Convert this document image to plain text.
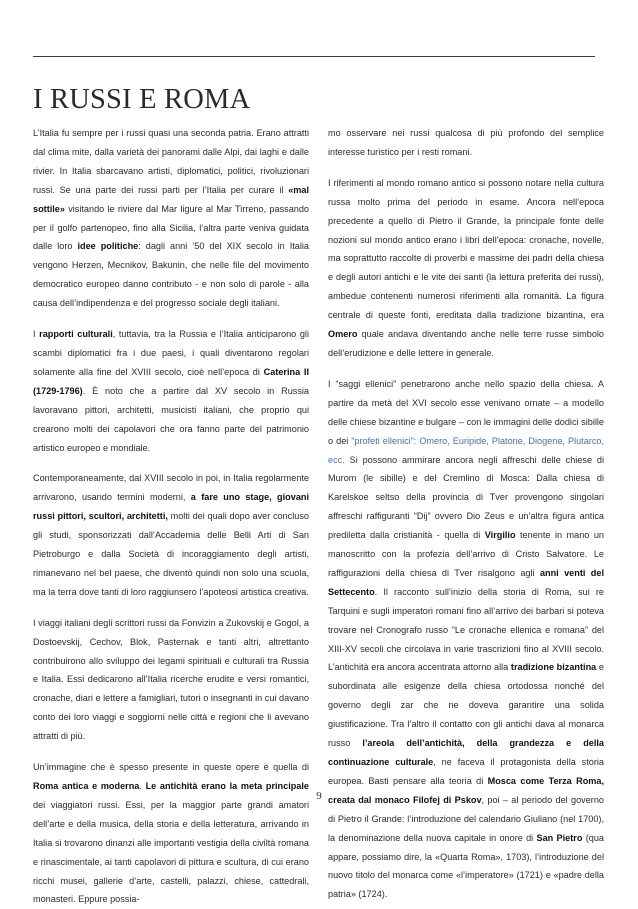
I RUSSI E ROMA

L’Italia fu sempre per i russi quasi una seconda patria. Erano attratti dal clima mite, dalla varietà dei panorami dalle Alpi, dai laghi e dalle rivier. In Italia sbarcavano artisti, diplomatici, politici, rivoluzionari russi. Se una parte dei russi parti per l’Italia per curare il «mal sottile» visitando le riviere dal Mar ligure al Mar Tirreno, passando per il golfo partenopeo, fino alla Sicilia, l’altra parte veniva guidata dalle loro idee politiche: dagli anni ’50 del XIX secolo in Italia vengono Herzen, Mecnikov, Bakunin, che nelle file del movimento democratico europeo danno contributo - e non solo di parole - alla causa dell’indipendenza e del progresso sociale degli italiani.

I rapporti culturali, tuttavia, tra la Russia e l’Italia anticiparono gli scambi diplomatici fra i due paesi, i quali diventarono regolari solamente alla fine del XVIII secolo, cioè nell’epoca di Caterina II (1729-1796). È noto che a partire dal XV secolo in Russia lavoravano pittori, architetti, musicisti italiani, che proprio qui crearono molti dei capolavori che ora fanno parte del patrimonio artistico europeo e mondiale.

Contemporaneamente, dal XVIII secolo in poi, in Italia regolarmente arrivarono, usando termini moderni, a fare uno stage, giovani russi pittori, scultori, architetti, molti dei quali dopo aver concluso gli studi, sponsorizzati dall’Accademia delle Belli Arti di San Pietroburgo e dalla Società di incoraggiamento degli artisti, rimanevano nel bel paese, che diventò quindi non solo una scuola, ma la terra dove tanti di loro raggiunsero l’apoteosi artistica creativa.

I viaggi italiani degli scrittori russi da Fonvizin a Zukovskij e Gogol, a Dostoevskij, Cechov, Blok, Pasternak e tanti altri, altrettanto contribuirono allo sviluppo dei legami spirituali e culturali tra Russia e Italia. Essi dedicarono all’Italia ricerche erudite e versi romantici, cronache, diari e lettere a famigliari, tutori o insegnanti in cui davano conto dei loro viaggi e soggiorni nelle città e regioni che li avevano attratti di più.

Un’immagine che è spesso presente in queste opere è quella di Roma antica e moderna. Le antichità erano la meta principale dei viaggiatori russi. Essi, per la maggior parte grandi amatori dell’arte e della musica, della storia e della letteratura, arrivando in Italia si trovarono dinanzi alle importanti vestigia della civiltà romana e rinascimentale, ai tanti capolavori di pittura e scultura, di cui erano ricchi musei, gallerie d’arte, castelli, palazzi, chiese, cattedrali, monasteri. Eppure possia-

mo osservare nei russi qualcosa di più profondo del semplice interesse turistico per i resti romani.

I riferimenti al mondo romano antico si possono notare nella cultura russa molto prima del periodo in esame. Ancora nell’epoca precedente a quello di Pietro il Grande, la principale fonte delle nozioni sul mondo antico erano i libri dell’epoca: cronache, novelle, ma soprattutto raccolte di proverbi e massime dei padri della chiesa e degli autori antichi e le vite dei santi (la lettura preferita dei russi), ambedue contenenti numerosi riferimenti alla romanità. La figura centrale di queste fonti, ereditata dalla tradizione bizantina, era Omero quale andava diventando anche nelle terre russe simbolo dell’erudizione e delle lettere in generale.

I “saggi ellenici” penetrarono anche nello spazio della chiesa. A partire da metà del XVI secolo esse venivano ornate – a modello delle chiese bizantine e bulgare – con le immagini delle dodici sibille o dei “profeti ellenici”: Omero, Euripide, Platone, Diogene, Plutarco, ecc. Si possono ammirare ancora negli affreschi delle chiese di Murom (le sibille) e del Cremlino di Mosca: Dalla chiesa di Karelskoe seltso della provincia di Tver provengono singolari affreschi raffiguranti “Dij” ovvero Dio Zeus e un’altra figura antica prediletta dalla cristianità - quella di Virgilio tenente in mano un manoscritto con la profezia dell’arrivo di Cristo Salvatore. Le raffigurazioni della chiesa di Tver risalgono agli anni venti del Settecento. Il racconto sull’inizio della storia di Roma, sui re Tarquini e sugli imperatori romani fino all’arrivo dei barbari si poteva trovare nel Cronografo russo “Le cronache ellenica e romana” del XIII-XV secoli che circolava in varie trascrizioni fino al XVIII secolo. L’antichità era ancora accentrata attorno alla tradizione bizantina e subordinata alle esigenze della chiesa ortodossa nonché del governo degli zar che ne doveva garantire una solida giustificazione. Tra l’altro il contatto con gli antichi dava al monarca russo l’areola dell’antichità, della grandezza e della continuazione culturale, ne faceva il protagonista della storia europea. Basti pensare alla teoria di Mosca come Terza Roma, creata dal monaco Filofej di Pskov, poi – al periodo del governo di Pietro il Grande: l’introduzione del calendario Giuliano (nel 1700), la denominazione della nuova capitale in onore di San Pietro (qua appare, possiamo dire, la «Quarta Roma», 1703), l’introduzione del nuovo titolo del monarca come «l’imperatore» (1721) e «padre della patria» (1724).

9
